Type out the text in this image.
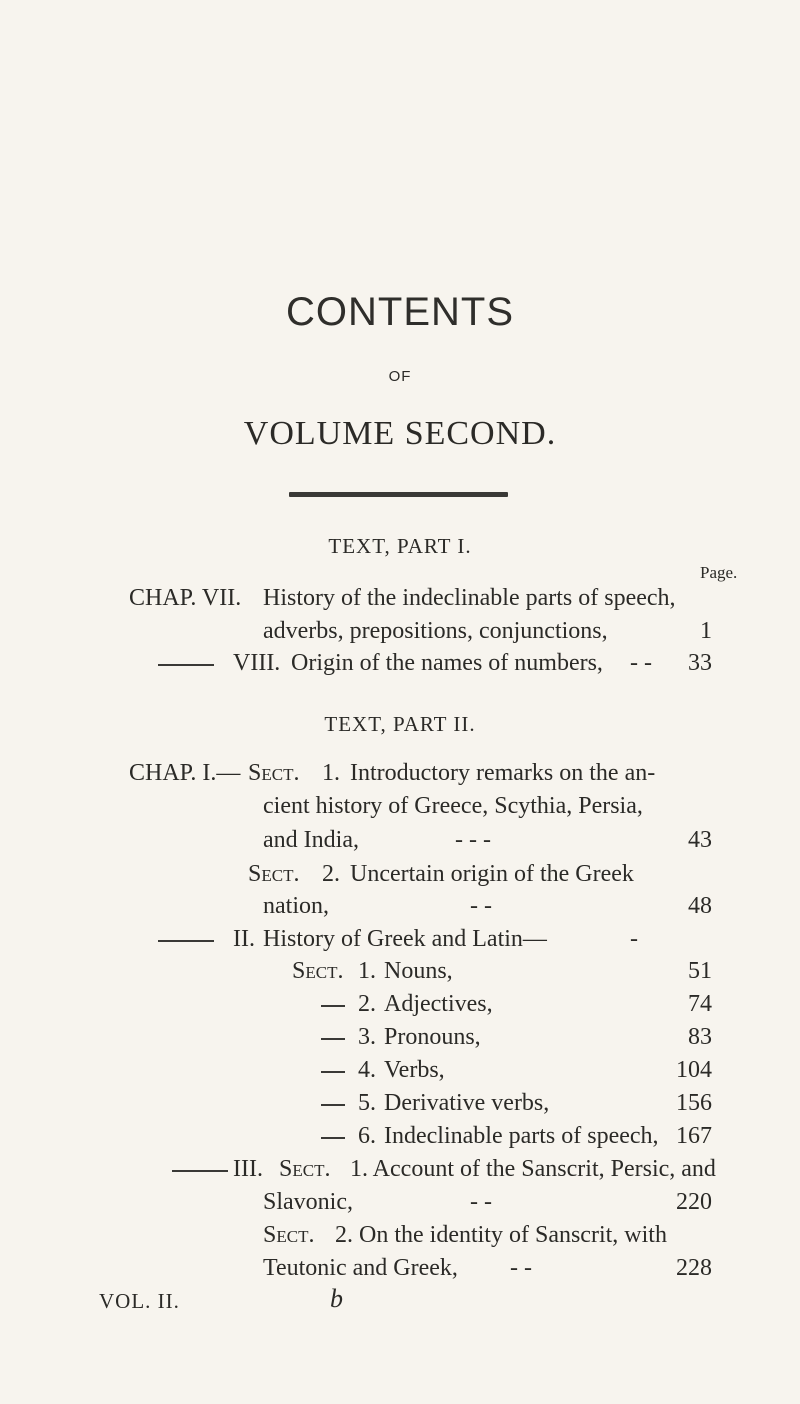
CONTENTS
OF
VOLUME SECOND.
TEXT, PART I.
Page.
CHAP. VII. History of the indeclinable parts of speech,
adverbs, prepositions, conjunctions,	1
VIII. Origin of the names of numbers, - -	33
TEXT, PART II.
CHAP. I.— Sect. 1. Introductory remarks on the an-
cient history of Greece, Scythia, Persia,
and India,	- - -	43
Sect. 2. Uncertain origin of the Greek
nation,	- -	48
II. History of Greek and Latin—	-
Sect. 1. Nouns,	51
2. Adjectives,	74
3. Pronouns,	83
4. Verbs,	104
5. Derivative verbs,	156
6. Indeclinable parts of speech, 167
III. Sect. 1. Account of the Sanscrit, Persic, and
Slavonic,	- -	220
Sect. 2. On the identity of Sanscrit, with
Teutonic and Greek, - -	228
VOL. II.	b
